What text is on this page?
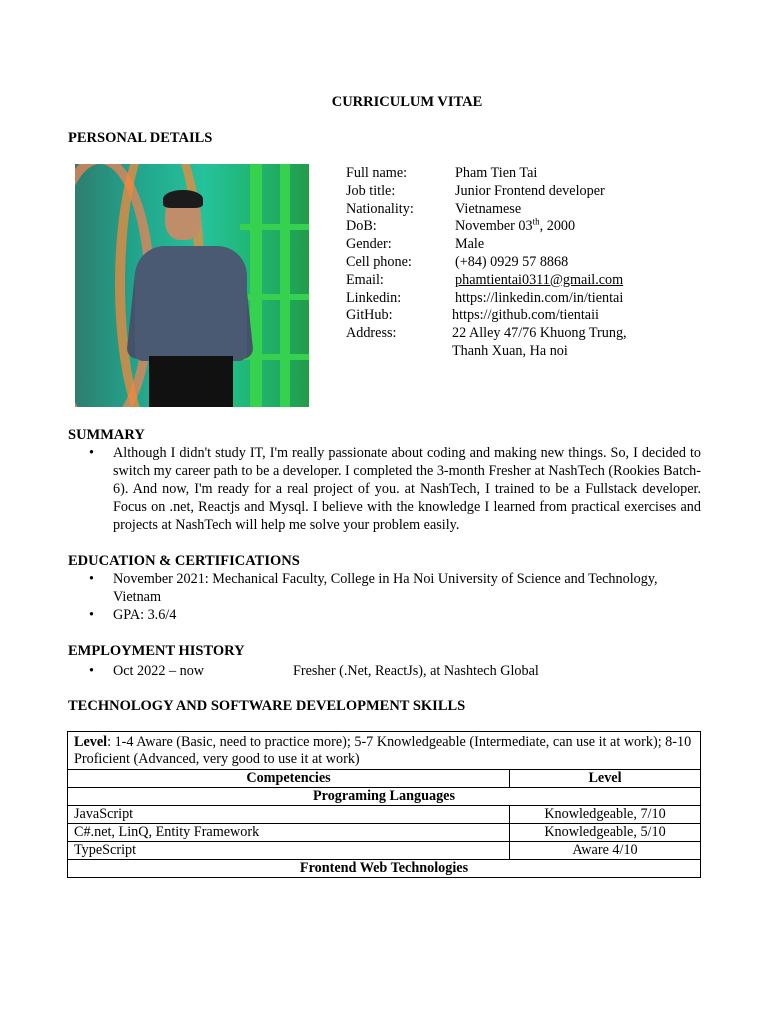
CURRICULUM VITAE
PERSONAL DETAILS
Full name:	Pham Tien Tai
Job title:	Junior Frontend developer
Nationality:	Vietnamese
DoB:	November 03th, 2000
Gender:	Male
Cell phone:	(+84) 0929 57 8868
Email:	phamtientai0311@gmail.com
Linkedin:	https://linkedin.com/in/tientai
GitHub:	https://github.com/tientaii
Address:	22 Alley 47/76 Khuong Trung,
Thanh Xuan, Ha noi
SUMMARY
• Although I didn't study IT, I'm really passionate about coding and making new things. So, I decided to switch my career path to be a developer. I completed the 3-month Fresher at NashTech (Rookies Batch-6). And now, I'm ready for a real project of you. at NashTech, I trained to be a Fullstack developer. Focus on .net, Reactjs and Mysql. I believe with the knowledge I learned from practical exercises and projects at NashTech will help me solve your problem easily.
EDUCATION & CERTIFICATIONS
• November 2021: Mechanical Faculty, College in Ha Noi University of Science and Technology, Vietnam
• GPA: 3.6/4
EMPLOYMENT HISTORY
• Oct 2022 – now	Fresher (.Net, ReactJs), at Nashtech Global
TECHNOLOGY AND SOFTWARE DEVELOPMENT SKILLS
Level: 1-4 Aware (Basic, need to practice more); 5-7 Knowledgeable (Intermediate, can use it at work); 8-10 Proficient (Advanced, very good to use it at work)	
Competencies	Level
Programing Languages	
JavaScript	Knowledgeable, 7/10
C#.net, LinQ, Entity Framework	Knowledgeable, 5/10
TypeScript	Aware 4/10
Frontend Web Technologies	
